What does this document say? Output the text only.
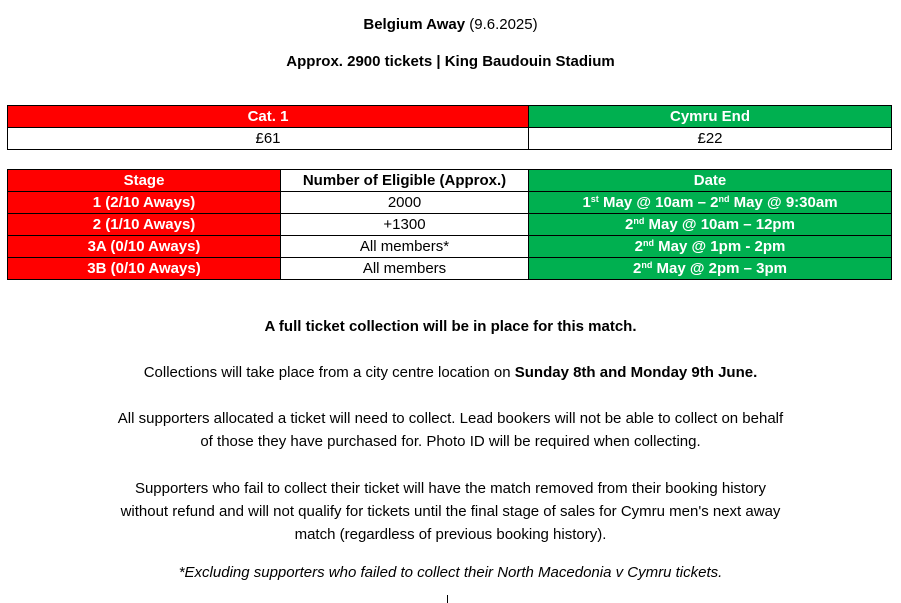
Belgium Away (9.6.2025)
Approx. 2900 tickets | King Baudouin Stadium
Cat. 1	Cymru End
£61	£22
Stage	Number of Eligible (Approx.)	Date
1 (2/10 Aways)	2000	1st May @ 10am – 2nd May @ 9:30am
2 (1/10 Aways)	+1300	2nd May @ 10am – 12pm
3A (0/10 Aways)	All members*	2nd May @ 1pm - 2pm
3B (0/10 Aways)	All members	2nd May @ 2pm – 3pm
A full ticket collection will be in place for this match.
Collections will take place from a city centre location on Sunday 8th and Monday 9th June.
All supporters allocated a ticket will need to collect. Lead bookers will not be able to collect on behalf
of those they have purchased for. Photo ID will be required when collecting.
Supporters who fail to collect their ticket will have the match removed from their booking history
without refund and will not qualify for tickets until the final stage of sales for Cymru men's next away
match (regardless of previous booking history).
*Excluding supporters who failed to collect their North Macedonia v Cymru tickets.
